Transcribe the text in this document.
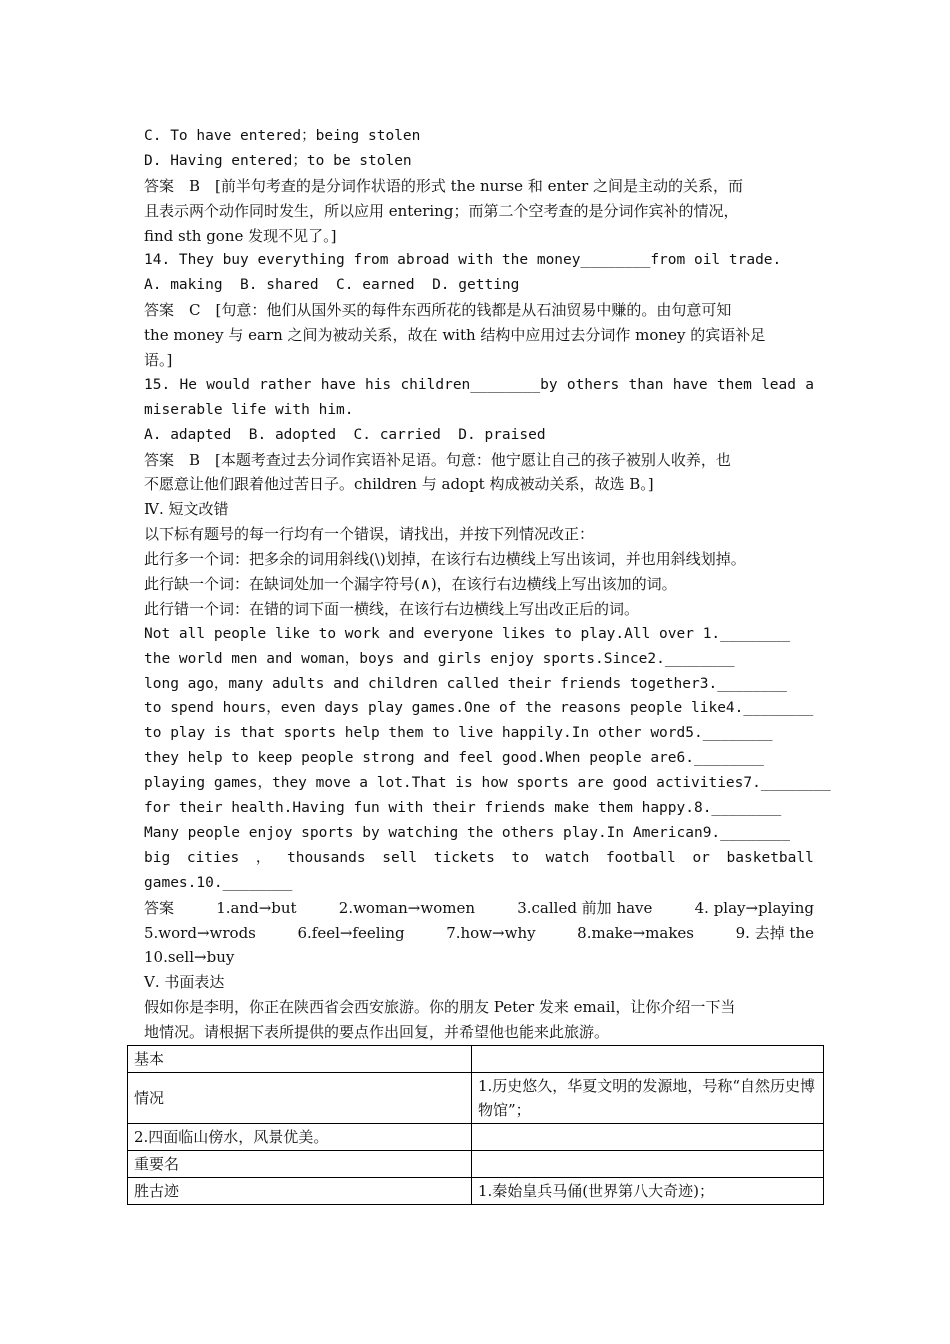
C. To have entered；being stolen
D. Having entered；to be stolen
答案　B　[前半句考查的是分词作状语的形式 the nurse 和 enter 之间是主动的关系，而
且表示两个动作同时发生，所以应用 entering；而第二个空考查的是分词作宾补的情况，
find sth gone 发现不见了。]
14. They buy everything from abroad with the money________from oil trade.
A. making  B. shared  C. earned  D. getting
答案　C　[句意：他们从国外买的每件东西所花的钱都是从石油贸易中赚的。由句意可知
the money 与 earn 之间为被动关系，故在 with 结构中应用过去分词作 money 的宾语补足
语。]
15. He would rather have his children________by others than have them lead a
miserable life with him.
A. adapted  B. adopted  C. carried  D. praised
答案　B　[本题考查过去分词作宾语补足语。句意：他宁愿让自己的孩子被别人收养，也
不愿意让他们跟着他过苦日子。children 与 adopt 构成被动关系，故选 B。]
Ⅳ. 短文改错
以下标有题号的每一行均有一个错误，请找出，并按下列情况改正：
此行多一个词：把多余的词用斜线(\)划掉，在该行右边横线上写出该词，并也用斜线划掉。
此行缺一个词：在缺词处加一个漏字符号(∧)，在该行右边横线上写出该加的词。
此行错一个词：在错的词下面一横线，在该行右边横线上写出改正后的词。
Not all people like to work and everyone likes to play.All over 1.________
the world men and woman，boys and girls enjoy sports.Since2.________
long ago，many adults and children called their friends together3.________
to spend hours，even days play games.One of the reasons people like4.________
to play is that sports help them to live happily.In other word5.________
they help to keep people strong and feel good.When people are6.________
playing games，they move a lot.That is how sports are good activities7.________
for their health.Having fun with their friends make them happy.8.________
Many people enjoy sports by watching the others play.In American9.________
big cities ， thousands sell tickets to watch football or basketball
games.10.________
答案	1.and→but	2.woman→women	3.called 前加 have	4. play→playing
5.word→wrods	6.feel→feeling	7.how→why	8.make→makes	9. 去掉 the
10.sell→buy
Ⅴ. 书面表达
假如你是李明，你正在陕西省会西安旅游。你的朋友 Peter 发来 email，让你介绍一下当
地情况。请根据下表所提供的要点作出回复，并希望他也能来此旅游。
基本	
情况	1.历史悠久，华夏文明的发源地，号称“自然历史博物馆”；
2.四面临山傍水，风景优美。	
重要名	
胜古迹	1.秦始皇兵马俑(世界第八大奇迹)；
